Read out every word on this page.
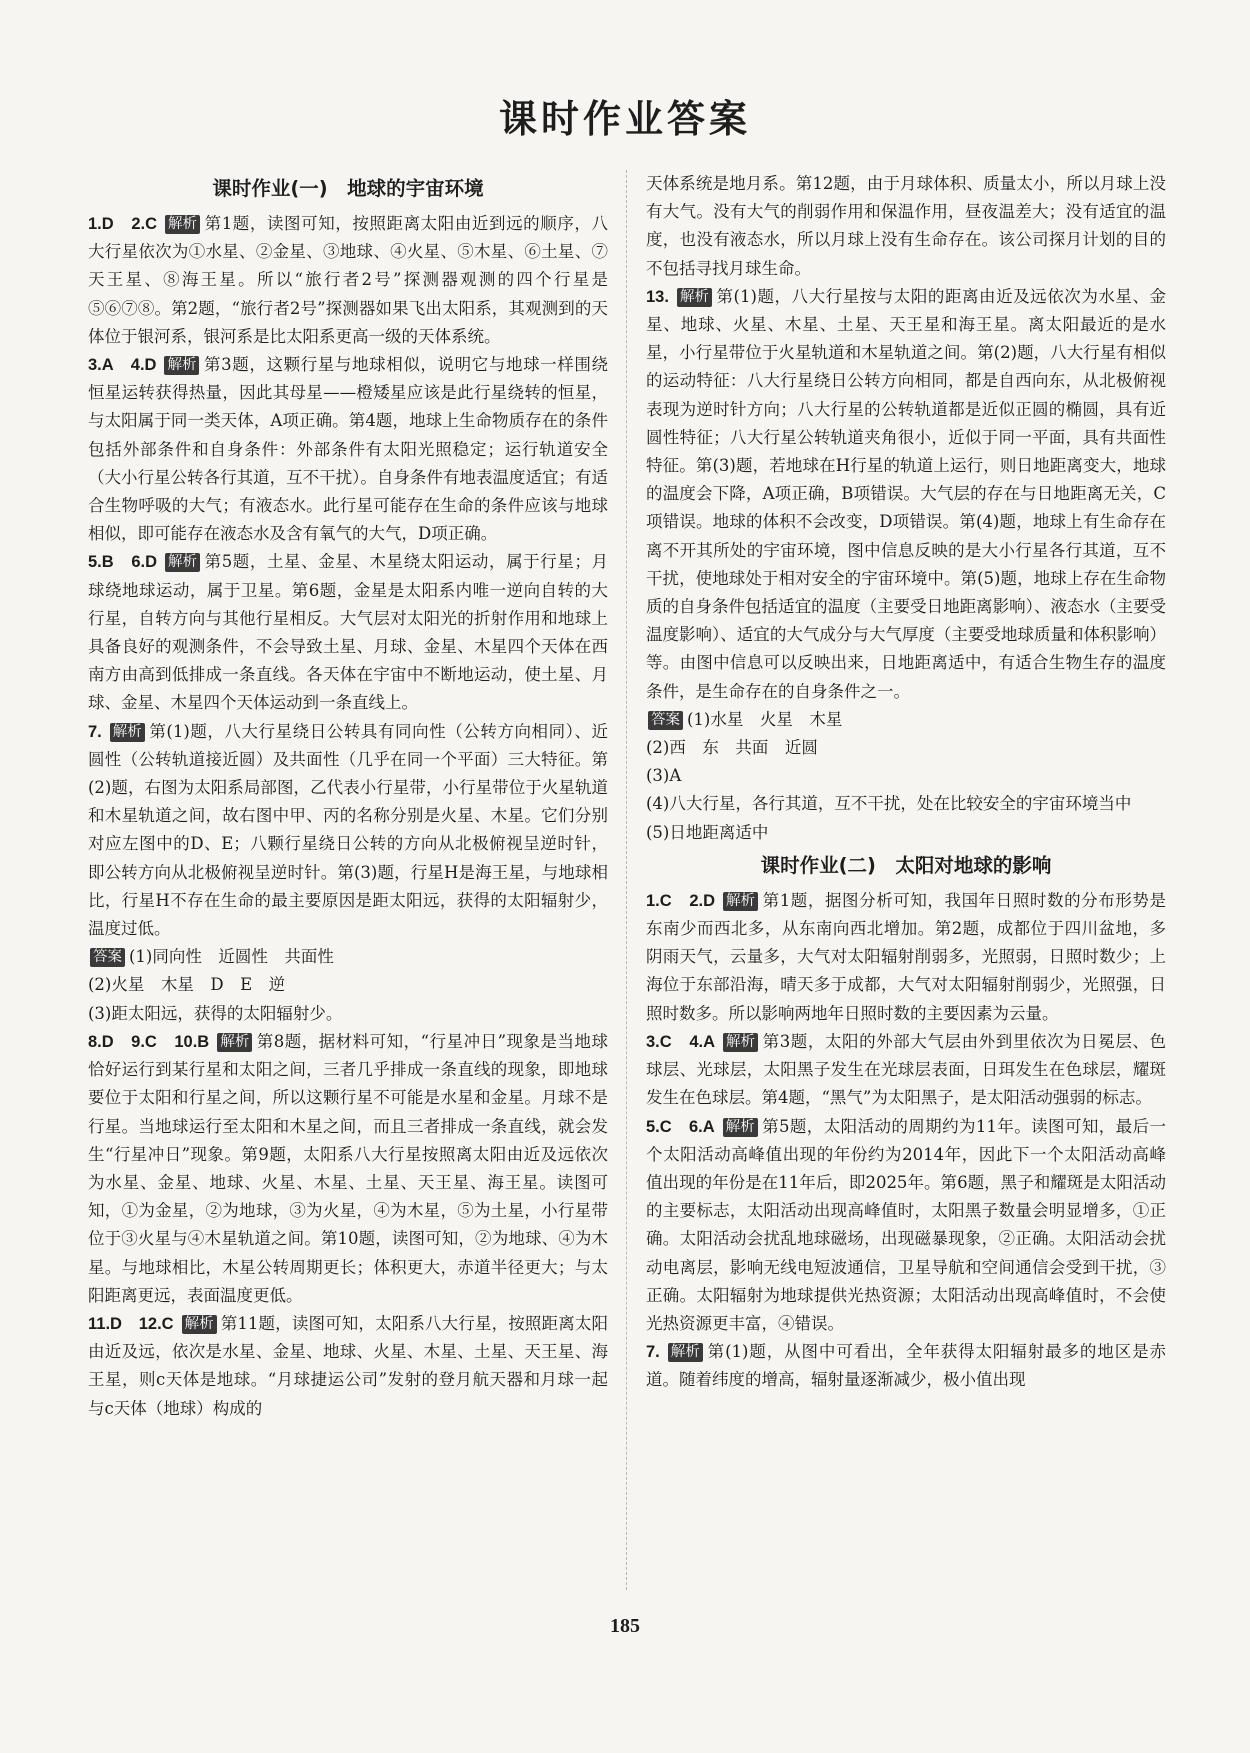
课时作业答案
课时作业(一)　地球的宇宙环境

1.D　2.C 解析 第1题，读图可知，按照距离太阳由近到远的顺序，八大行星依次为①水星、②金星、③地球、④火星、⑤木星、⑥土星、⑦天王星、⑧海王星。所以“旅行者2号”探测器观测的四个行星是⑤⑥⑦⑧。第2题，“旅行者2号”探测器如果飞出太阳系，其观测到的天体位于银河系，银河系是比太阳系更高一级的天体系统。

3.A　4.D 解析 第3题，这颗行星与地球相似，说明它与地球一样围绕恒星运转获得热量，因此其母星——橙矮星应该是此行星绕转的恒星，与太阳属于同一类天体，A项正确。第4题，地球上生命物质存在的条件包括外部条件和自身条件：外部条件有太阳光照稳定；运行轨道安全（大小行星公转各行其道，互不干扰）。自身条件有地表温度适宜；有适合生物呼吸的大气；有液态水。此行星可能存在生命的条件应该与地球相似，即可能存在液态水及含有氧气的大气，D项正确。

5.B　6.D 解析 第5题，土星、金星、木星绕太阳运动，属于行星；月球绕地球运动，属于卫星。第6题，金星是太阳系内唯一逆向自转的大行星，自转方向与其他行星相反。大气层对太阳光的折射作用和地球上具备良好的观测条件，不会导致土星、月球、金星、木星四个天体在西南方由高到低排成一条直线。各天体在宇宙中不断地运动，使土星、月球、金星、木星四个天体运动到一条直线上。

7. 解析 第(1)题，八大行星绕日公转具有同向性（公转方向相同）、近圆性（公转轨道接近圆）及共面性（几乎在同一个平面）三大特征。第(2)题，右图为太阳系局部图，乙代表小行星带，小行星带位于火星轨道和木星轨道之间，故右图中甲、丙的名称分别是火星、木星。它们分别对应左图中的D、E；八颗行星绕日公转的方向从北极俯视呈逆时针，即公转方向从北极俯视呈逆时针。第(3)题，行星H是海王星，与地球相比，行星H不存在生命的最主要原因是距太阳远，获得的太阳辐射少，温度过低。

答案 (1)同向性　近圆性　共面性

(2)火星　木星　D　E　逆

(3)距太阳远，获得的太阳辐射少。

8.D　9.C　10.B 解析 第8题，据材料可知，“行星冲日”现象是当地球恰好运行到某行星和太阳之间，三者几乎排成一条直线的现象，即地球要位于太阳和行星之间，所以这颗行星不可能是水星和金星。月球不是行星。当地球运行至太阳和木星之间，而且三者排成一条直线，就会发生“行星冲日”现象。第9题，太阳系八大行星按照离太阳由近及远依次为水星、金星、地球、火星、木星、土星、天王星、海王星。读图可知，①为金星，②为地球，③为火星，④为木星，⑤为土星，小行星带位于③火星与④木星轨道之间。第10题，读图可知，②为地球、④为木星。与地球相比，木星公转周期更长；体积更大，赤道半径更大；与太阳距离更远，表面温度更低。

11.D　12.C 解析 第11题，读图可知，太阳系八大行星，按照距离太阳由近及远，依次是水星、金星、地球、火星、木星、土星、天王星、海王星，则c天体是地球。“月球捷运公司”发射的登月航天器和月球一起与c天体（地球）构成的

天体系统是地月系。第12题，由于月球体积、质量太小，所以月球上没有大气。没有大气的削弱作用和保温作用，昼夜温差大；没有适宜的温度，也没有液态水，所以月球上没有生命存在。该公司探月计划的目的不包括寻找月球生命。

13. 解析 第(1)题，八大行星按与太阳的距离由近及远依次为水星、金星、地球、火星、木星、土星、天王星和海王星。离太阳最近的是水星，小行星带位于火星轨道和木星轨道之间。第(2)题，八大行星有相似的运动特征：八大行星绕日公转方向相同，都是自西向东，从北极俯视表现为逆时针方向；八大行星的公转轨道都是近似正圆的椭圆，具有近圆性特征；八大行星公转轨道夹角很小，近似于同一平面，具有共面性特征。第(3)题，若地球在H行星的轨道上运行，则日地距离变大，地球的温度会下降，A项正确，B项错误。大气层的存在与日地距离无关，C项错误。地球的体积不会改变，D项错误。第(4)题，地球上有生命存在离不开其所处的宇宙环境，图中信息反映的是大小行星各行其道，互不干扰，使地球处于相对安全的宇宙环境中。第(5)题，地球上存在生命物质的自身条件包括适宜的温度（主要受日地距离影响）、液态水（主要受温度影响）、适宜的大气成分与大气厚度（主要受地球质量和体积影响）等。由图中信息可以反映出来，日地距离适中，有适合生物生存的温度条件，是生命存在的自身条件之一。

答案 (1)水星　火星　木星

(2)西　东　共面　近圆

(3)A

(4)八大行星，各行其道，互不干扰，处在比较安全的宇宙环境当中

(5)日地距离适中

课时作业(二)　太阳对地球的影响

1.C　2.D 解析 第1题，据图分析可知，我国年日照时数的分布形势是东南少而西北多，从东南向西北增加。第2题，成都位于四川盆地，多阴雨天气，云量多，大气对太阳辐射削弱多，光照弱，日照时数少；上海位于东部沿海，晴天多于成都，大气对太阳辐射削弱少，光照强，日照时数多。所以影响两地年日照时数的主要因素为云量。

3.C　4.A 解析 第3题，太阳的外部大气层由外到里依次为日冕层、色球层、光球层，太阳黑子发生在光球层表面，日珥发生在色球层，耀斑发生在色球层。第4题，“黑气”为太阳黑子，是太阳活动强弱的标志。

5.C　6.A 解析 第5题，太阳活动的周期约为11年。读图可知，最后一个太阳活动高峰值出现的年份约为2014年，因此下一个太阳活动高峰值出现的年份是在11年后，即2025年。第6题，黑子和耀斑是太阳活动的主要标志，太阳活动出现高峰值时，太阳黑子数量会明显增多，①正确。太阳活动会扰乱地球磁场，出现磁暴现象，②正确。太阳活动会扰动电离层，影响无线电短波通信，卫星导航和空间通信会受到干扰，③正确。太阳辐射为地球提供光热资源；太阳活动出现高峰值时，不会使光热资源更丰富，④错误。

7. 解析 第(1)题，从图中可看出，全年获得太阳辐射最多的地区是赤道。随着纬度的增高，辐射量逐渐减少，极小值出现

185
